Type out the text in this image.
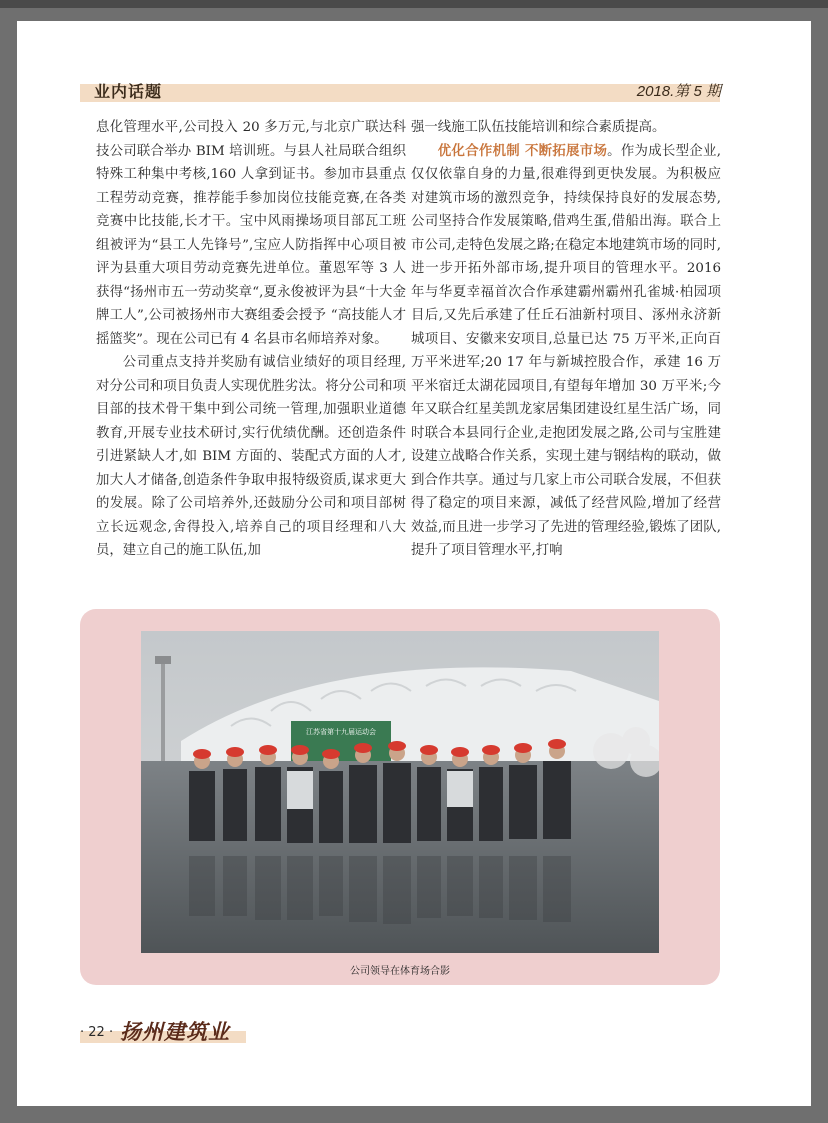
业内话题	2018.第 5 期

息化管理水平,公司投入 20 多万元,与北京广联达科技公司联合举办 BIM 培训班。与县人社局联合组织特殊工种集中考核,160 人拿到证书。参加市县重点工程劳动竞赛，推荐能手参加岗位技能竞赛,在各类竞赛中比技能,长才干。宝中风雨操场项目部瓦工班组被评为“县工人先锋号”,宝应人防指挥中心项目被评为县重大项目劳动竞赛先进单位。董恩军等 3 人获得“扬州市五一劳动奖章“,夏永俊被评为县“十大金牌工人”,公司被扬州市大赛组委会授予 “高技能人才摇篮奖”。现在公司已有 4 名县市名师培养对象。

公司重点支持并奖励有诚信业绩好的项目经理,对分公司和项目负责人实现优胜劣汰。将分公司和项目部的技术骨干集中到公司统一管理,加强职业道德教育,开展专业技术研讨,实行优绩优酬。还创造条件引进紧缺人才,如 BIM 方面的、装配式方面的人才,加大人才储备,创造条件争取申报特级资质,谋求更大的发展。除了公司培养外,还鼓励分公司和项目部树立长远观念,舍得投入,培养自己的项目经理和八大员，建立自己的施工队伍,加

强一线施工队伍技能培训和综合素质提高。

优化合作机制 不断拓展市场。作为成长型企业,仅仅依靠自身的力量,很难得到更快发展。为积极应对建筑市场的激烈竞争，持续保持良好的发展态势,公司坚持合作发展策略,借鸡生蛋,借船出海。联合上市公司,走特色发展之路;在稳定本地建筑市场的同时,进一步开拓外部市场,提升项目的管理水平。2016 年与华夏幸福首次合作承建霸州霸州孔雀城·柏园项目后,又先后承建了任丘石油新村项目、涿州永济新城项目、安徽来安项目,总量已达 75 万平米,正向百万平米进军;20 17 年与新城控股合作，承建 16 万平米宿迁太湖花园项目,有望每年增加 30 万平米;今年又联合红星美凯龙家居集团建设红星生活广场，同时联合本县同行企业,走抱团发展之路,公司与宝胜建设建立战略合作关系，实现土建与钢结构的联动，做到合作共享。通过与几家上市公司联合发展，不但获得了稳定的项目来源，减低了经营风险,增加了经营效益,而且进一步学习了先进的管理经验,锻炼了团队,提升了项目管理水平,打响

江苏省第十九届运动会
公司领导在体育场合影
· 22 · 扬州建筑业
